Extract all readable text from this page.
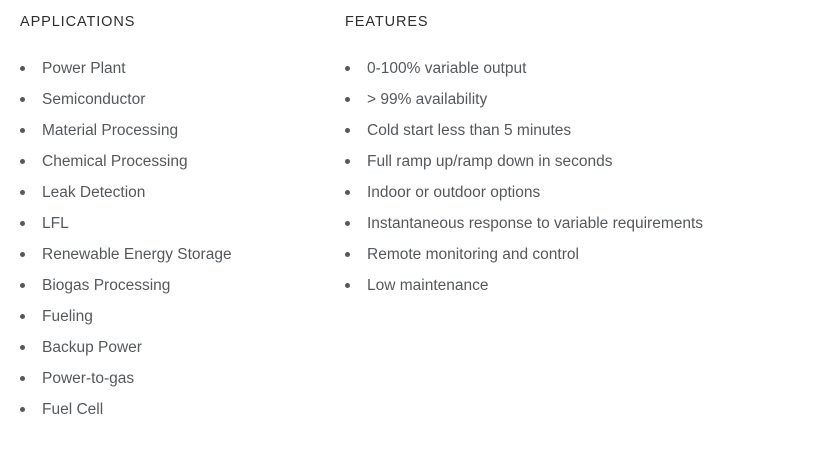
APPLICATIONS
Power Plant
Semiconductor
Material Processing
Chemical Processing
Leak Detection
LFL
Renewable Energy Storage
Biogas Processing
Fueling
Backup Power
Power-to-gas
Fuel Cell
FEATURES
0-100% variable output
> 99% availability
Cold start less than 5 minutes
Full ramp up/ramp down in seconds
Indoor or outdoor options
Instantaneous response to variable requirements
Remote monitoring and control
Low maintenance
